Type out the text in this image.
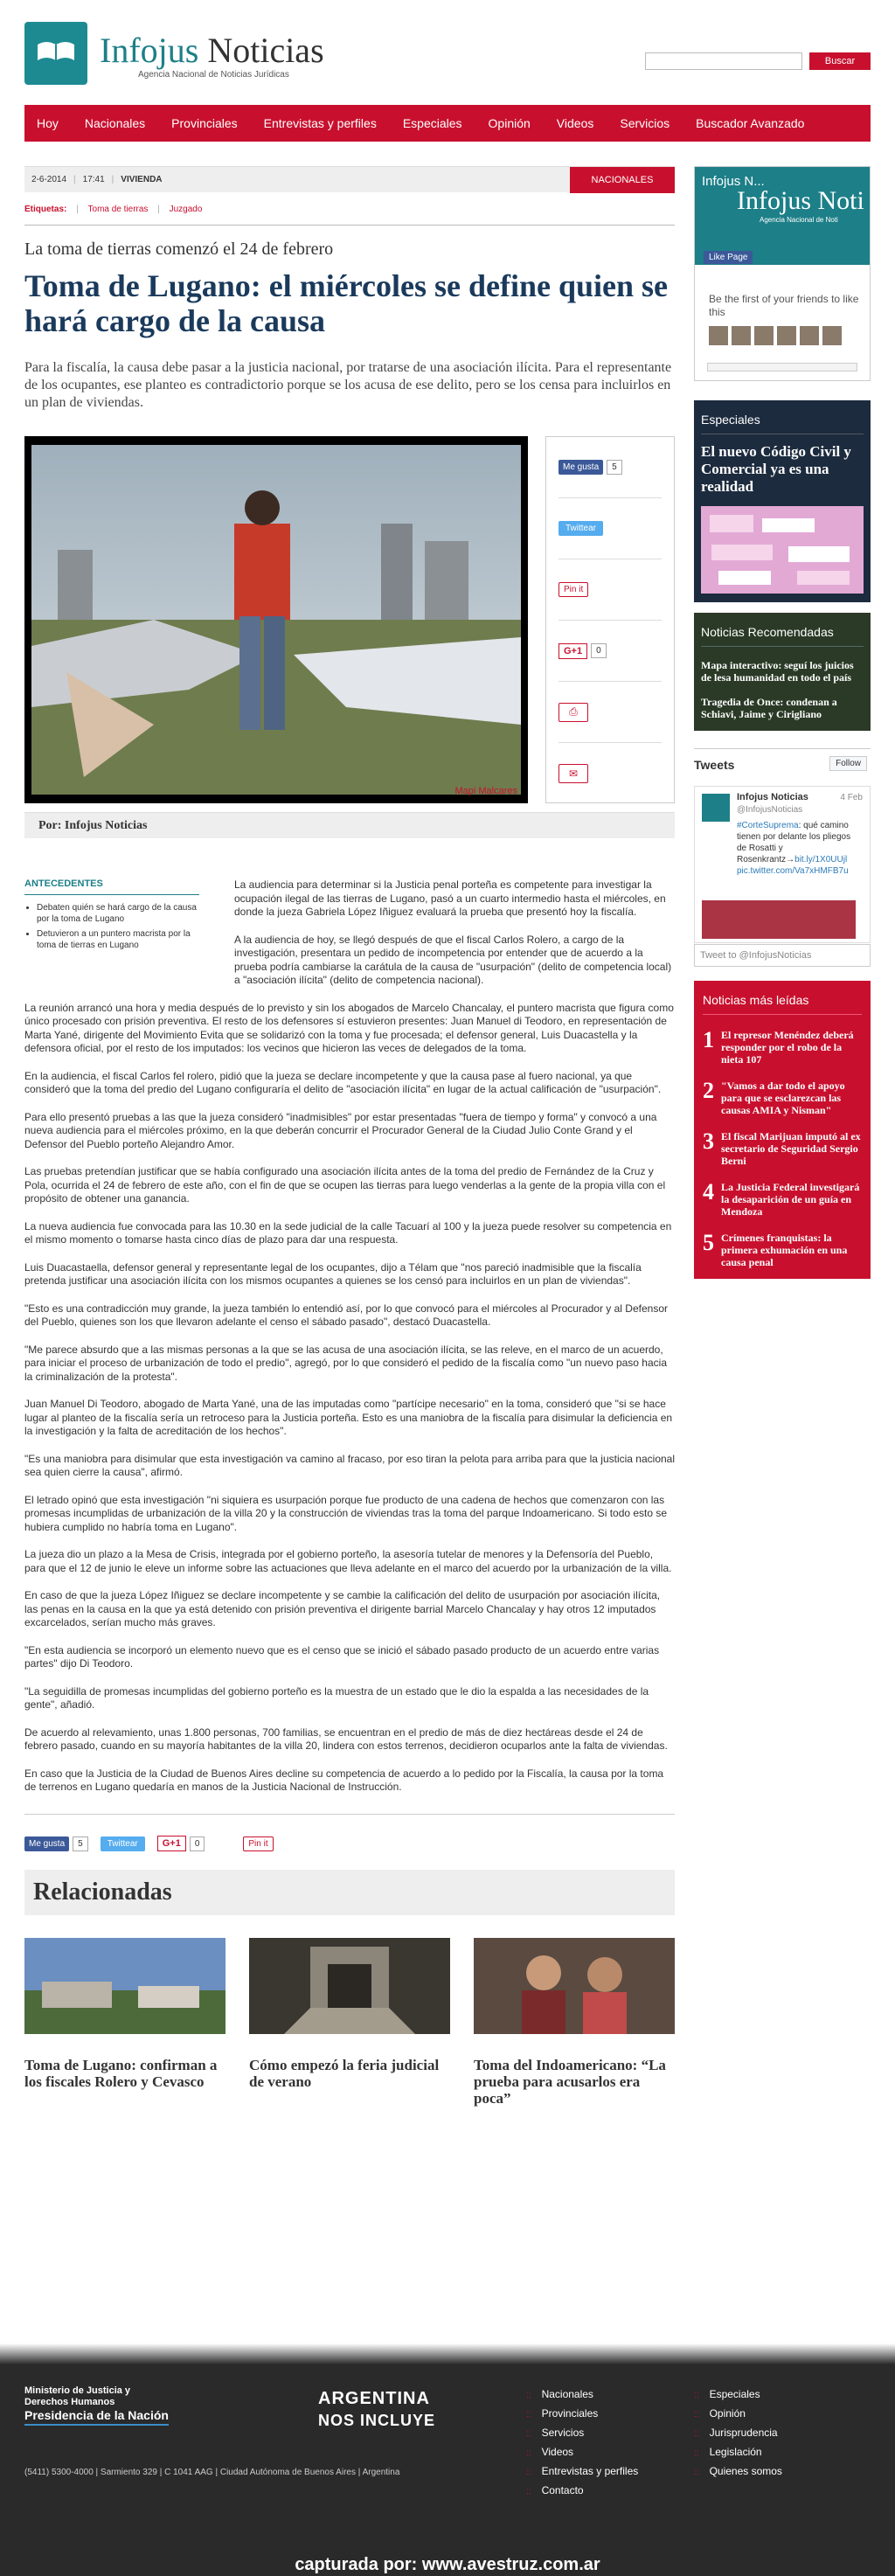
Infojus Noticias
Agencia Nacional de Noticias Jurídicas
Buscar
Hoy Nacionales Provinciales Entrevistas y perfiles Especiales Opinión Videos Servicios Buscador Avanzado
2-6-2014 | 17:41 | VIVIENDA	NACIONALES
Etiquetas: | Toma de tierras | Juzgado
La toma de tierras comenzó el 24 de febrero
Toma de Lugano: el miércoles se define quien se hará cargo de la causa

Para la fiscalía, la causa debe pasar a la justicia nacional, por tratarse de una asociación ilícita. Para el representante de los ocupantes, ese planteo es contradictorio porque se los acusa de ese delito, pero se los censa para incluirlos en un plan de viviendas.

Mapi Malcares
Me gusta	5
Twittear
Pin it
G+1	0
⎙
✉
Por: Infojus Noticias
ANTECEDENTES
• Debaten quién se hará cargo de la causa por la toma de Lugano
• Detuvieron a un puntero macrista por la toma de tierras en Lugano

La audiencia para determinar si la Justicia penal porteña es competente para investigar la ocupación ilegal de las tierras de Lugano, pasó a un cuarto intermedio hasta el miércoles, en donde la jueza Gabriela López Iñiguez evaluará la prueba que presentó hoy la fiscalía.

A la audiencia de hoy, se llegó después de que el fiscal Carlos Rolero, a cargo de la investigación, presentara un pedido de incompetencia por entender que de acuerdo a la prueba podría cambiarse la carátula de la causa de "usurpación" (delito de competencia local) a "asociación ilícita" (delito de competencia nacional).

La reunión arrancó una hora y media después de lo previsto y sin los abogados de Marcelo Chancalay, el puntero macrista que figura como único procesado con prisión preventiva. El resto de los defensores sí estuvieron presentes: Juan Manuel di Teodoro, en representación de Marta Yané, dirigente del Movimiento Evita que se solidarizó con la toma y fue procesada; el defensor general, Luis Duacastella y la defensora oficial, por el resto de los imputados: los vecinos que hicieron las veces de delegados de la toma.

En la audiencia, el fiscal Carlos fel rolero, pidió que la jueza se declare incompetente y que la causa pase al fuero nacional, ya que consideró que la toma del predio del Lugano configuraría el delito de "asociación ilícita" en lugar de la actual calificación de "usurpación".

Para ello presentó pruebas a las que la jueza consideró "inadmisibles" por estar presentadas "fuera de tiempo y forma" y convocó a una nueva audiencia para el miércoles próximo, en la que deberán concurrir el Procurador General de la Ciudad Julio Conte Grand y el Defensor del Pueblo porteño Alejandro Amor.

Las pruebas pretendían justificar que se había configurado una asociación ilícita antes de la toma del predio de Fernández de la Cruz y Pola, ocurrida el 24 de febrero de este año, con el fin de que se ocupen las tierras para luego venderlas a la gente de la propia villa con el propósito de obtener una ganancia.

La nueva audiencia fue convocada para las 10.30 en la sede judicial de la calle Tacuarí al 100 y la jueza puede resolver su competencia en el mismo momento o tomarse hasta cinco días de plazo para dar una respuesta.

Luis Duacastaella, defensor general y representante legal de los ocupantes, dijo a Télam que "nos pareció inadmisible que la fiscalía pretenda justificar una asociación ilícita con los mismos ocupantes a quienes se los censó para incluirlos en un plan de viviendas".

"Esto es una contradicción muy grande, la jueza también lo entendió así, por lo que convocó para el miércoles al Procurador y al Defensor del Pueblo, quienes son los que llevaron adelante el censo el sábado pasado", destacó Duacastella.

"Me parece absurdo que a las mismas personas a la que se las acusa de una asociación ilícita, se las releve, en el marco de un acuerdo, para iniciar el proceso de urbanización de todo el predio", agregó, por lo que consideró el pedido de la fiscalía como "un nuevo paso hacia la criminalización de la protesta".

Juan Manuel Di Teodoro, abogado de Marta Yané, una de las imputadas como "partícipe necesario" en la toma, consideró que "si se hace lugar al planteo de la fiscalía sería un retroceso para la Justicia porteña. Esto es una maniobra de la fiscalía para disimular la deficiencia en la investigación y la falta de acreditación de los hechos".

"Es una maniobra para disimular que esta investigación va camino al fracaso, por eso tiran la pelota para arriba para que la justicia nacional sea quien cierre la causa", afirmó.

El letrado opinó que esta investigación "ni siquiera es usurpación porque fue producto de una cadena de hechos que comenzaron con las promesas incumplidas de urbanización de la villa 20 y la construcción de viviendas tras la toma del parque Indoamericano. Si todo esto se hubiera cumplido no habría toma en Lugano".

La jueza dio un plazo a la Mesa de Crisis, integrada por el gobierno porteño, la asesoría tutelar de menores y la Defensoría del Pueblo, para que el 12 de junio le eleve un informe sobre las actuaciones que lleva adelante en el marco del acuerdo por la urbanización de la villa.

En caso de que la jueza López Iñiguez se declare incompetente y se cambie la calificación del delito de usurpación por asociación ilícita, las penas en la causa en la que ya está detenido con prisión preventiva el dirigente barrial Marcelo Chancalay y hay otros 12 imputados excarcelados, serían mucho más graves.

"En esta audiencia se incorporó un elemento nuevo que es el censo que se inició el sábado pasado producto de un acuerdo entre varias partes" dijo Di Teodoro.

"La seguidilla de promesas incumplidas del gobierno porteño es la muestra de un estado que le dio la espalda a las necesidades de la gente", añadió.

De acuerdo al relevamiento, unas 1.800 personas, 700 familias, se encuentran en el predio de más de diez hectáreas desde el 24 de febrero pasado, cuando en su mayoría habitantes de la villa 20, lindera con estos terrenos, decidieron ocuparlos ante la falta de viviendas.

En caso que la Justicia de la Ciudad de Buenos Aires decline su competencia de acuerdo a lo pedido por la Fiscalía, la causa por la toma de terrenos en Lugano quedaría en manos de la Justicia Nacional de Instrucción.

Me gusta	5	Twittear	G+1	0	Pin it
Relacionadas
Toma de Lugano: confirman a los fiscales Rolero y Cevasco
Cómo empezó la feria judicial de verano
Toma del Indoamericano: “La prueba para acusarlos era poca”
Infojus N...
Infojus Noti
Agencia Nacional de Noti
Like Page
Be the first of your friends to like this
Especiales
El nuevo Código Civil y Comercial ya es una realidad
Noticias Recomendadas
Mapa interactivo: seguí los juicios de lesa humanidad en todo el país
Tragedia de Once: condenan a Schiavi, Jaime y Cirigliano
Tweets	Follow
Infojus Noticias
@InfojusNoticias
4 Feb
#CorteSuprema: qué camino tienen por delante los pliegos de Rosatti y Rosenkrantz→bit.ly/1X0UUjl
pic.twitter.com/Va7xHMFB7u
Tweet to @InfojusNoticias
Noticias más leídas
1 El represor Menéndez deberá responder por el robo de la nieta 107
2 "Vamos a dar todo el apoyo para que se esclarezcan las causas AMIA y Nisman"
3 El fiscal Marijuan imputó al ex secretario de Seguridad Sergio Berni
4 La Justicia Federal investigará la desaparición de un guía en Mendoza
5 Crímenes franquistas: la primera exhumación en una causa penal
Ministerio de Justicia y Derechos Humanos
Presidencia de la Nación
(5411) 5300-4000 | Sarmiento 329 | C 1041 AAG | Ciudad Autónoma de Buenos Aires | Argentina
ARGENTINA
NOS INCLUYE
:: Nacionales
:: Provinciales
:: Servicios
:: Videos
:: Entrevistas y perfiles
:: Contacto
:: Especiales
:: Opinión
:: Jurisprudencia
:: Legislación
:: Quienes somos
capturada por: www.avestruz.com.ar
